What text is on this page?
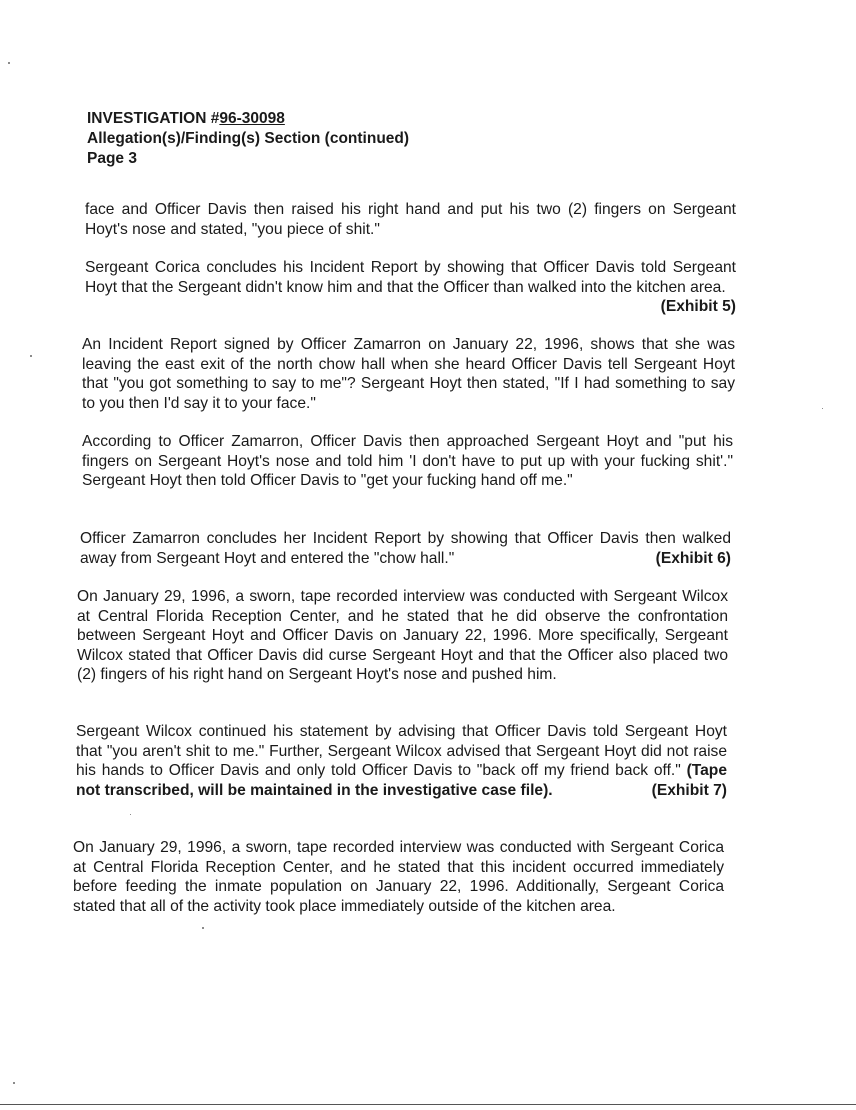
INVESTIGATION #96-30098
Allegation(s)/Finding(s) Section (continued)
Page 3

face and Officer Davis then raised his right hand and put his two (2) fingers on Sergeant Hoyt's nose and stated, "you piece of shit."

Sergeant Corica concludes his Incident Report by showing that Officer Davis told Sergeant Hoyt that the Sergeant didn't know him and that the Officer than walked into the kitchen area.
(Exhibit 5)

An Incident Report signed by Officer Zamarron on January 22, 1996, shows that she was leaving the east exit of the north chow hall when she heard Officer Davis tell Sergeant Hoyt that "you got something to say to me"? Sergeant Hoyt then stated, "If I had something to say to you then I'd say it to your face."

According to Officer Zamarron, Officer Davis then approached Sergeant Hoyt and "put his fingers on Sergeant Hoyt's nose and told him 'I don't have to put up with your fucking shit'." Sergeant Hoyt then told Officer Davis to "get your fucking hand off me."

Officer Zamarron concludes her Incident Report by showing that Officer Davis then walked away from Sergeant Hoyt and entered the "chow hall."	(Exhibit 6)

On January 29, 1996, a sworn, tape recorded interview was conducted with Sergeant Wilcox at Central Florida Reception Center, and he stated that he did observe the confrontation between Sergeant Hoyt and Officer Davis on January 22, 1996. More specifically, Sergeant Wilcox stated that Officer Davis did curse Sergeant Hoyt and that the Officer also placed two (2) fingers of his right hand on Sergeant Hoyt's nose and pushed him.

Sergeant Wilcox continued his statement by advising that Officer Davis told Sergeant Hoyt that "you aren't shit to me." Further, Sergeant Wilcox advised that Sergeant Hoyt did not raise his hands to Officer Davis and only told Officer Davis to "back off my friend back off." (Tape not transcribed, will be maintained in the investigative case file).	(Exhibit 7)

On January 29, 1996, a sworn, tape recorded interview was conducted with Sergeant Corica at Central Florida Reception Center, and he stated that this incident occurred immediately before feeding the inmate population on January 22, 1996. Additionally, Sergeant Corica stated that all of the activity took place immediately outside of the kitchen area.
